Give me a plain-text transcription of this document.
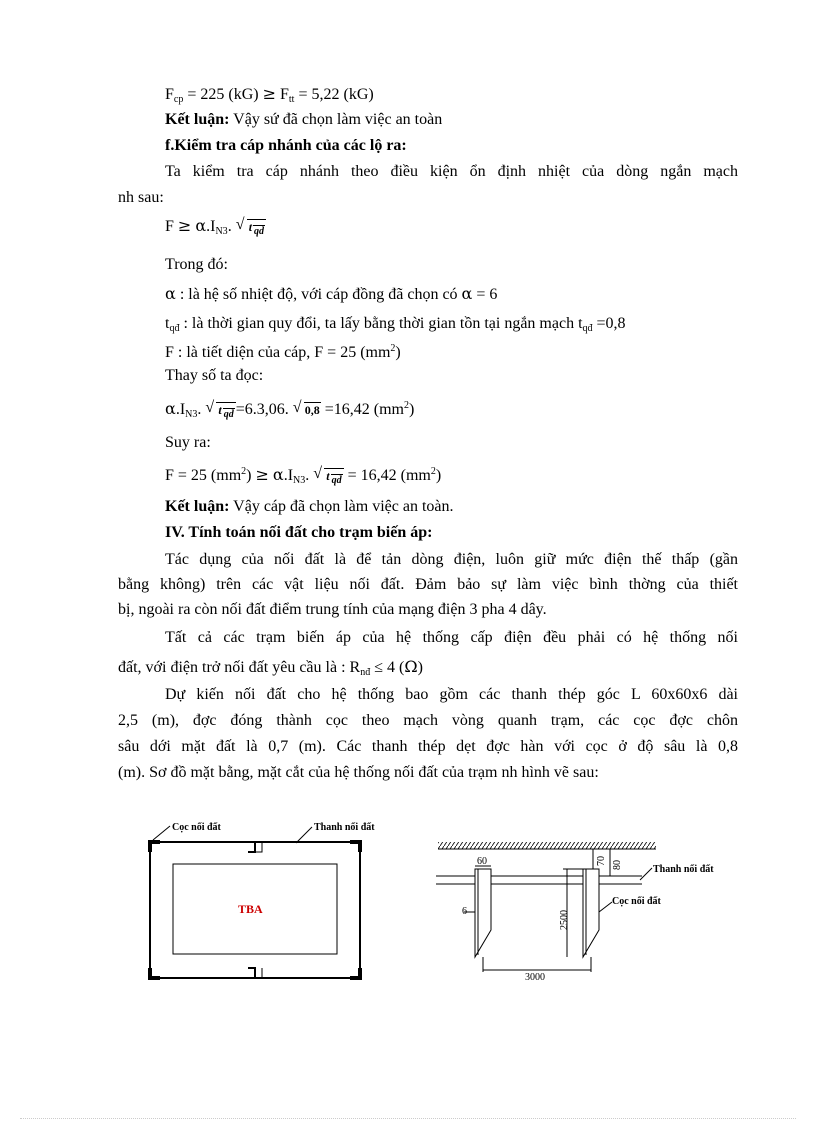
$F_{cp} = 225$ $(kG) \ge F_{tt} = 5,22$ (kG)
Kết luận: Vậy sứ đã chọn làm việc an toàn
f.Kiểm tra cáp nhánh của các lộ ra:
Ta kiểm tra cáp nhánh theo điều kiện ổn định nhiệt của dòng ngắn mạch
nh sau:
$F \ge \alpha.I_{N3}$. √ t $_{qd}$
Trong đó:
α : là hệ số nhiệt độ, với cáp đồng đã chọn có α = 6
$t_{qđ}$ : là thời gian quy đổi, ta lấy bằng thời gian tồn tại ngắn mạch $t_{qđ} =0,8$
F : là tiết diện của cáp, F = 25 $(mm^2)$
Thay số ta đọc:
$\alpha.I_{N3}$. √ t $_{qd}$ =6.3,06. √ 0,8 =16,42 $(mm^2)$
Suy ra:
F = 25 $(mm^2) \ge \alpha.I_{N3}$. √ t $_{qd}$ = 16,42 $(mm^2)$
Kết luận: Vậy cáp đã chọn làm việc an toàn.
IV. Tính toán nối đất cho trạm biến áp:
Tác dụng của nối đất là để tản dòng điện, luôn giữ mức điện thế thấp (gần
bằng không) trên các vật liệu nối đất. Đảm bảo sự làm việc bình thờng của thiết
bị, ngoài ra còn nối đất điểm trung tính của mạng điện 3 pha 4 dây.
Tất cả các trạm biến áp của hệ thống cấp điện đều phải có hệ thống nối
đất, với điện trở nối đất yêu cầu là : $R_{nđ} \le 4$ (Ω)
Dự kiến nối đất cho hệ thống bao gồm các thanh thép góc L 60x60x6 dài
2,5 (m), đợc đóng thành cọc theo mạch vòng quanh trạm, các cọc đợc chôn
sâu dới mặt đất là 0,7 (m). Các thanh thép dẹt đợc hàn với cọc ở độ sâu là 0,8
(m). Sơ đồ mặt bằng, mặt cắt của hệ thống nối đất của trạm nh hình vẽ sau:
Cọc nối đất	Thanh nối đất
TBA
60
6
70 80
2500
3000
Thanh nối đất
Cọc nối đất
